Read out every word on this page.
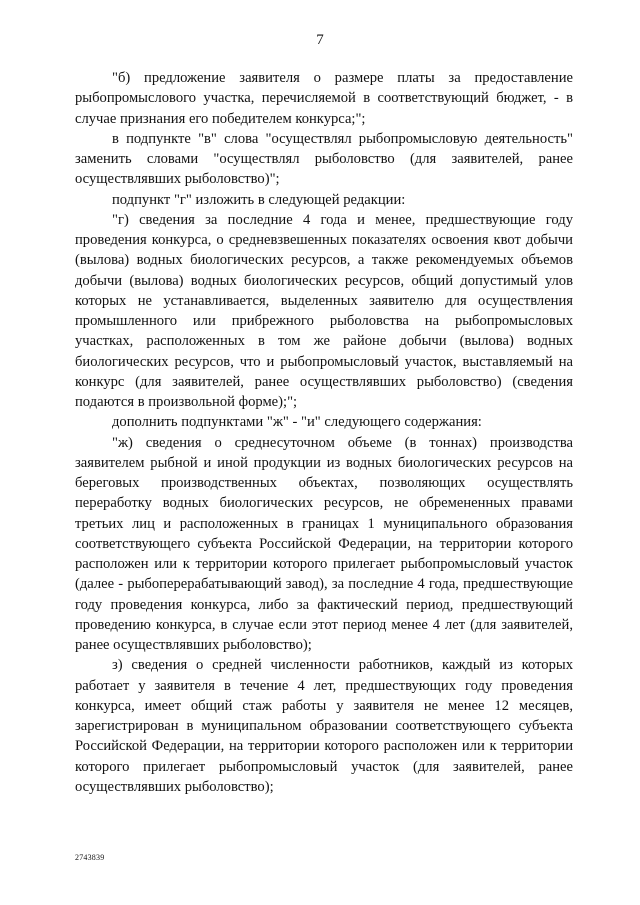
7

"б) предложение заявителя о размере платы за предоставление рыбопромыслового участка, перечисляемой в соответствующий бюджет, - в случае признания его победителем конкурса;";

в подпункте "в" слова "осуществлял рыбопромысловую деятельность" заменить словами "осуществлял рыболовство (для заявителей, ранее осуществлявших рыболовство)";

подпункт "г" изложить в следующей редакции:

"г) сведения за последние 4 года и менее, предшествующие году проведения конкурса, о средневзвешенных показателях освоения квот добычи (вылова) водных биологических ресурсов, а также рекомендуемых объемов добычи (вылова) водных биологических ресурсов, общий допустимый улов которых не устанавливается, выделенных заявителю для осуществления промышленного или прибрежного рыболовства на рыбопромысловых участках, расположенных в том же районе добычи (вылова) водных биологических ресурсов, что и рыбопромысловый участок, выставляемый на конкурс (для заявителей, ранее осуществлявших рыболовство) (сведения подаются в произвольной форме);";

дополнить подпунктами "ж" - "и" следующего содержания:

"ж) сведения о среднесуточном объеме (в тоннах) производства заявителем рыбной и иной продукции из водных биологических ресурсов на береговых производственных объектах, позволяющих осуществлять переработку водных биологических ресурсов, не обремененных правами третьих лиц и расположенных в границах 1 муниципального образования соответствующего субъекта Российской Федерации, на территории которого расположен или к территории которого прилегает рыбопромысловый участок (далее - рыбоперерабатывающий завод), за последние 4 года, предшествующие году проведения конкурса, либо за фактический период, предшествующий проведению конкурса, в случае если этот период менее 4 лет (для заявителей, ранее осуществлявших рыболовство);

з) сведения о средней численности работников, каждый из которых работает у заявителя в течение 4 лет, предшествующих году проведения конкурса, имеет общий стаж работы у заявителя не менее 12 месяцев, зарегистрирован в муниципальном образовании соответствующего субъекта Российской Федерации, на территории которого расположен или к территории которого прилегает рыбопромысловый участок (для заявителей, ранее осуществлявших рыболовство);

2743839
